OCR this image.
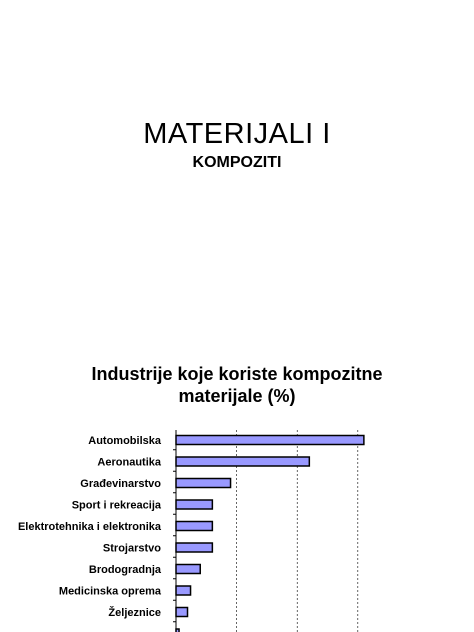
MATERIJALI I
KOMPOZITI
Industrije koje koriste kompozitne
materijale (%)
Automobilska
Aeronautika
Građevinarstvo
Sport i rekreacija
Elektrotehnika i elektronika
Strojarstvo
Brodogradnja
Medicinska oprema
Željeznice
